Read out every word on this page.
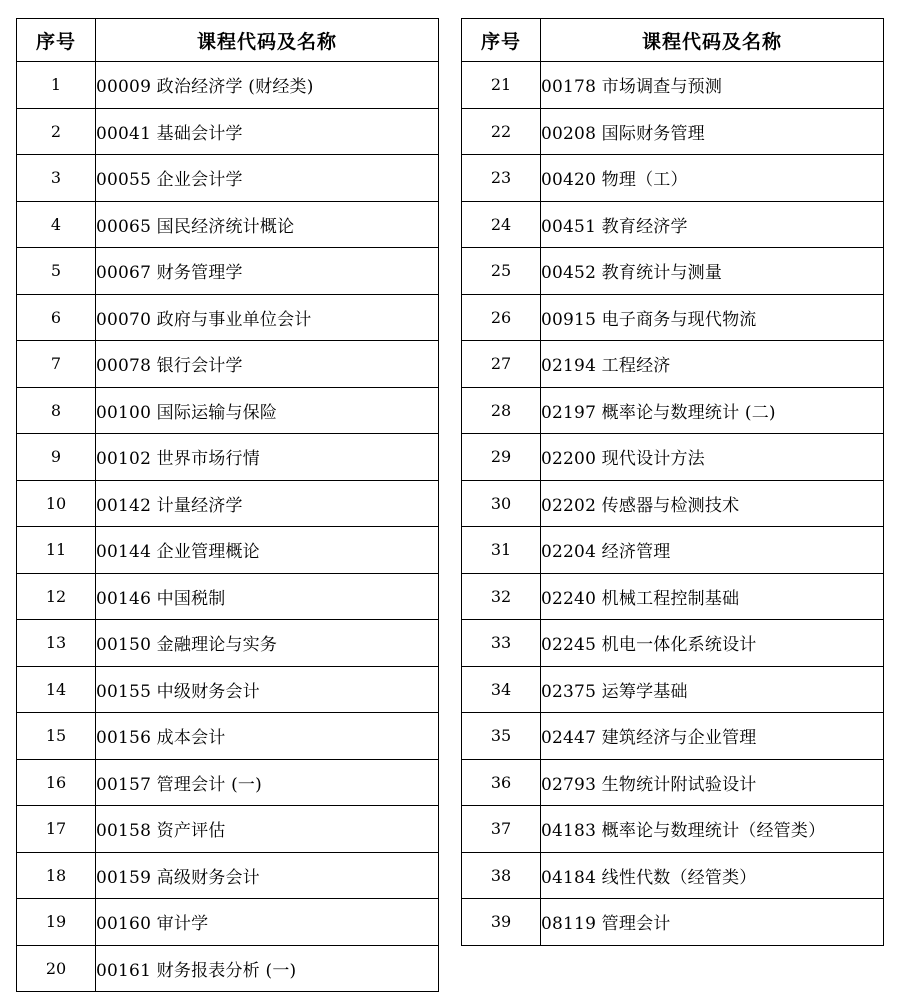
序号	课程代码及名称
1	00009 政治经济学 (财经类)
2	00041 基础会计学
3	00055 企业会计学
4	00065 国民经济统计概论
5	00067 财务管理学
6	00070 政府与事业单位会计
7	00078 银行会计学
8	00100 国际运输与保险
9	00102 世界市场行情
10	00142 计量经济学
11	00144 企业管理概论
12	00146 中国税制
13	00150 金融理论与实务
14	00155 中级财务会计
15	00156 成本会计
16	00157 管理会计 (一)
17	00158 资产评估
18	00159 高级财务会计
19	00160 审计学
20	00161 财务报表分析 (一)
序号	课程代码及名称
21	00178 市场调查与预测
22	00208 国际财务管理
23	00420 物理（工）
24	00451 教育经济学
25	00452 教育统计与测量
26	00915 电子商务与现代物流
27	02194 工程经济
28	02197 概率论与数理统计 (二)
29	02200 现代设计方法
30	02202 传感器与检测技术
31	02204 经济管理
32	02240 机械工程控制基础
33	02245 机电一体化系统设计
34	02375 运筹学基础
35	02447 建筑经济与企业管理
36	02793 生物统计附试验设计
37	04183 概率论与数理统计（经管类）
38	04184 线性代数（经管类）
39	08119 管理会计
